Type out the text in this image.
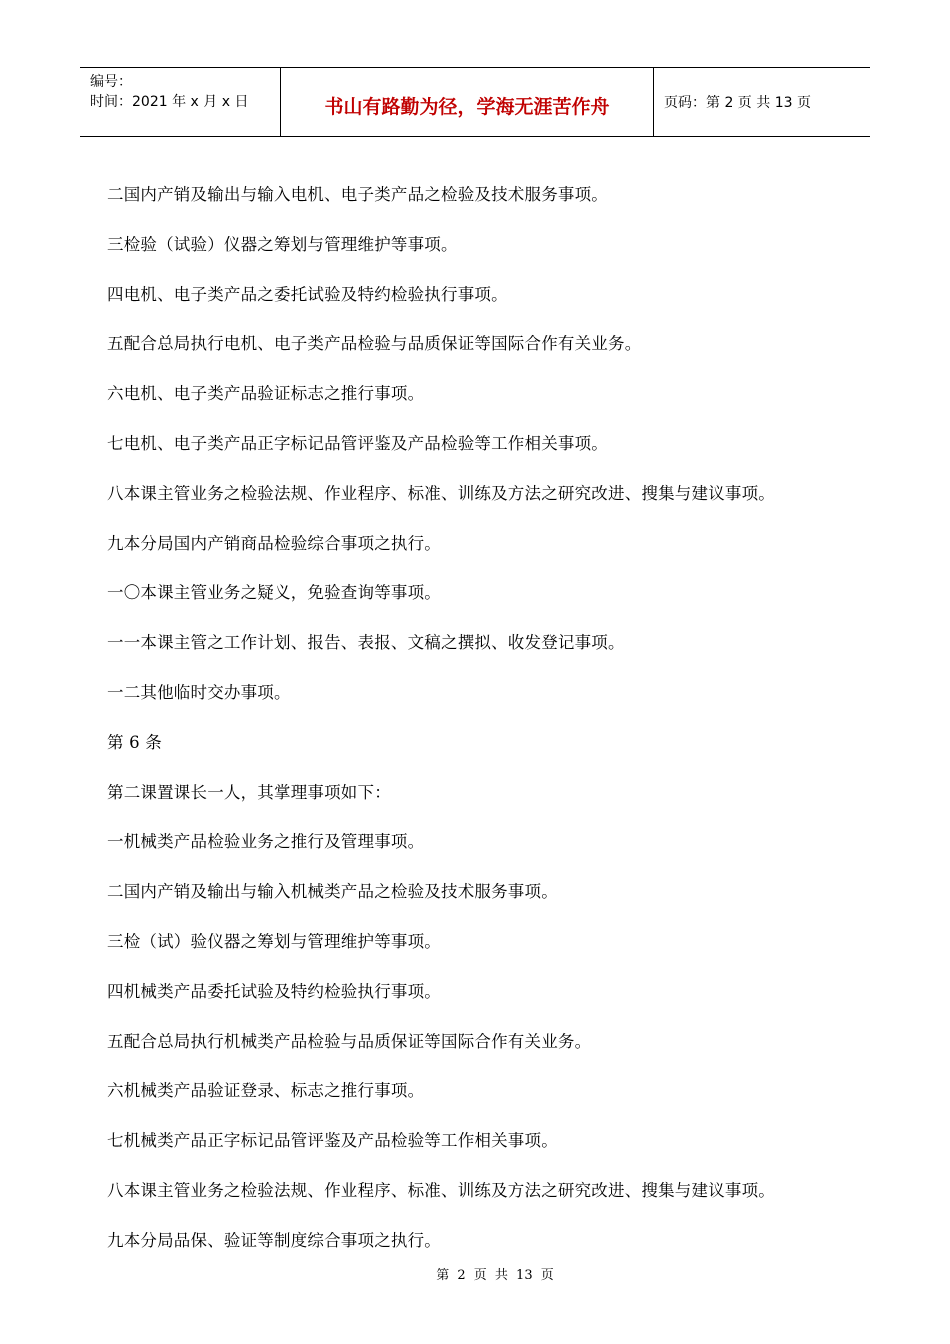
编号：
时间：2021 年 x 月 x 日	书山有路勤为径，学海无涯苦作舟	页码：第 2 页 共 13 页
二国内产销及输出与输入电机、电子类产品之检验及技术服务事项。
三检验（试验）仪器之筹划与管理维护等事项。
四电机、电子类产品之委托试验及特约检验执行事项。
五配合总局执行电机、电子类产品检验与品质保证等国际合作有关业务。
六电机、电子类产品验证标志之推行事项。
七电机、电子类产品正字标记品管评鉴及产品检验等工作相关事项。
八本课主管业务之检验法规、作业程序、标准、训练及方法之研究改进、搜集与建议事项。
九本分局国内产销商品检验综合事项之执行。
一〇本课主管业务之疑义，免验查询等事项。
一一本课主管之工作计划、报告、表报、文稿之撰拟、收发登记事项。
一二其他临时交办事项。
第 6 条
第二课置课长一人，其掌理事项如下：
一机械类产品检验业务之推行及管理事项。
二国内产销及输出与输入机械类产品之检验及技术服务事项。
三检（试）验仪器之筹划与管理维护等事项。
四机械类产品委托试验及特约检验执行事项。
五配合总局执行机械类产品检验与品质保证等国际合作有关业务。
六机械类产品验证登录、标志之推行事项。
七机械类产品正字标记品管评鉴及产品检验等工作相关事项。
八本课主管业务之检验法规、作业程序、标准、训练及方法之研究改进、搜集与建议事项。
九本分局品保、验证等制度综合事项之执行。
第 2 页 共 13 页
